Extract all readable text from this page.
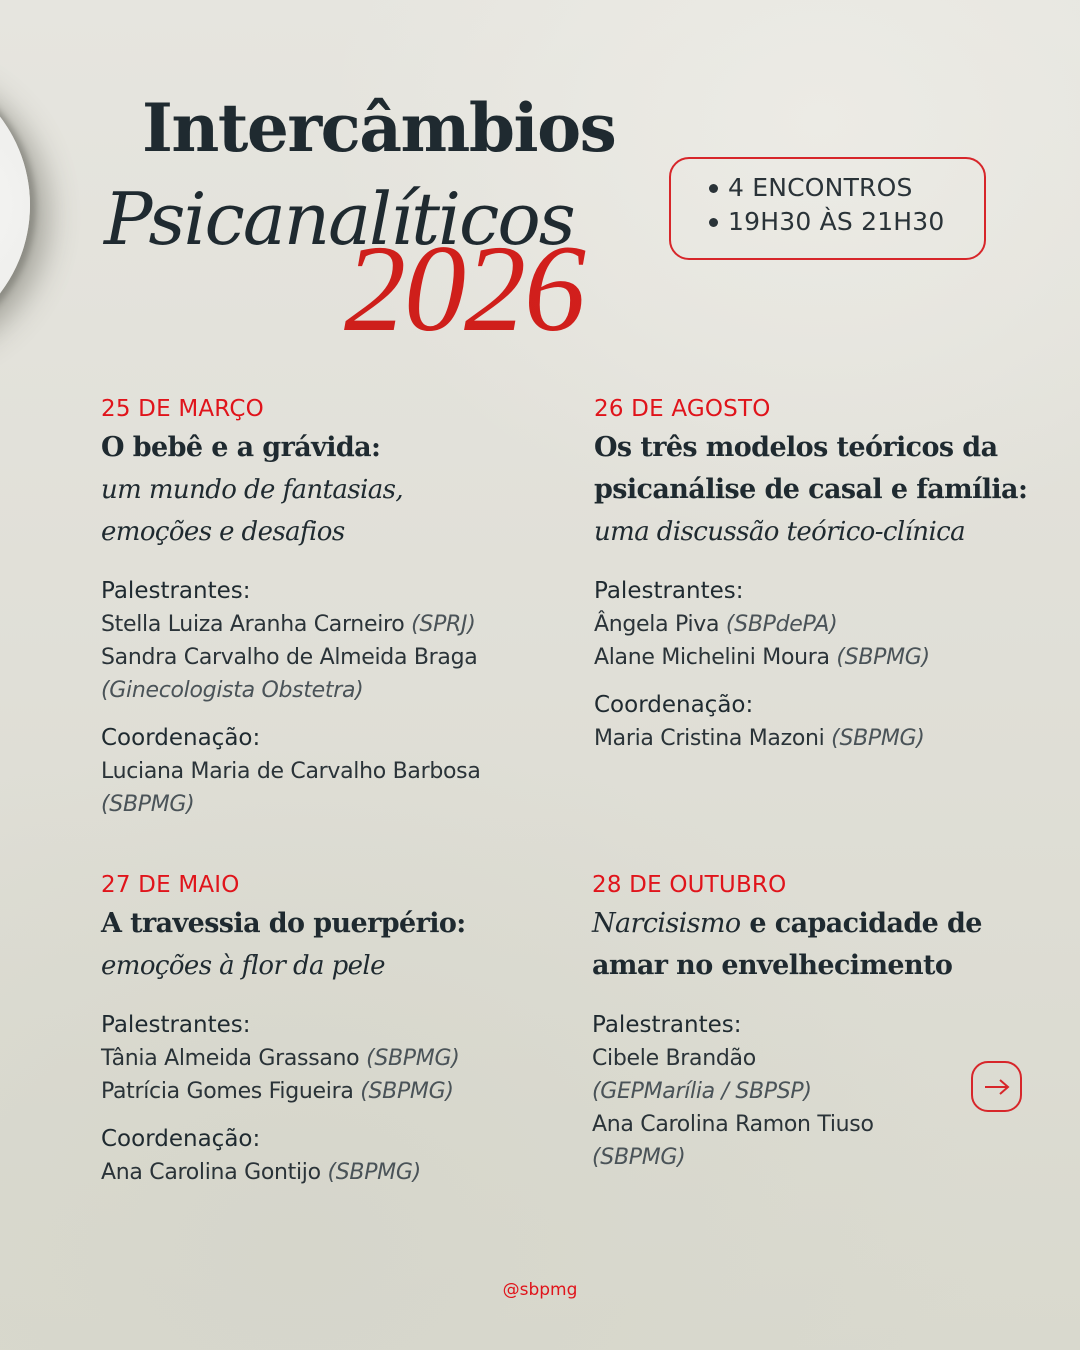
Intercâmbios
Psicanalíticos
2026
4 ENCONTROS
19H30 ÀS 21H30
25 DE MARÇO
O bebê e a grávida:
um mundo de fantasias,
emoções e desafios
Palestrantes:
Stella Luiza Aranha Carneiro (SPRJ)
Sandra Carvalho de Almeida Braga
(Ginecologista Obstetra)
Coordenação:
Luciana Maria de Carvalho Barbosa
(SBPMG)
26 DE AGOSTO
Os três modelos teóricos da
psicanálise de casal e família:
uma discussão teórico-clínica
Palestrantes:
Ângela Piva (SBPdePA)
Alane Michelini Moura (SBPMG)
Coordenação:
Maria Cristina Mazoni (SBPMG)
27 DE MAIO
A travessia do puerpério:
emoções à flor da pele
Palestrantes:
Tânia Almeida Grassano (SBPMG)
Patrícia Gomes Figueira (SBPMG)
Coordenação:
Ana Carolina Gontijo (SBPMG)
28 DE OUTUBRO
Narcisismo e capacidade de
amar no envelhecimento
Palestrantes:
Cibele Brandão
(GEPMarília / SBPSP)
Ana Carolina Ramon Tiuso
(SBPMG)
@sbpmg
